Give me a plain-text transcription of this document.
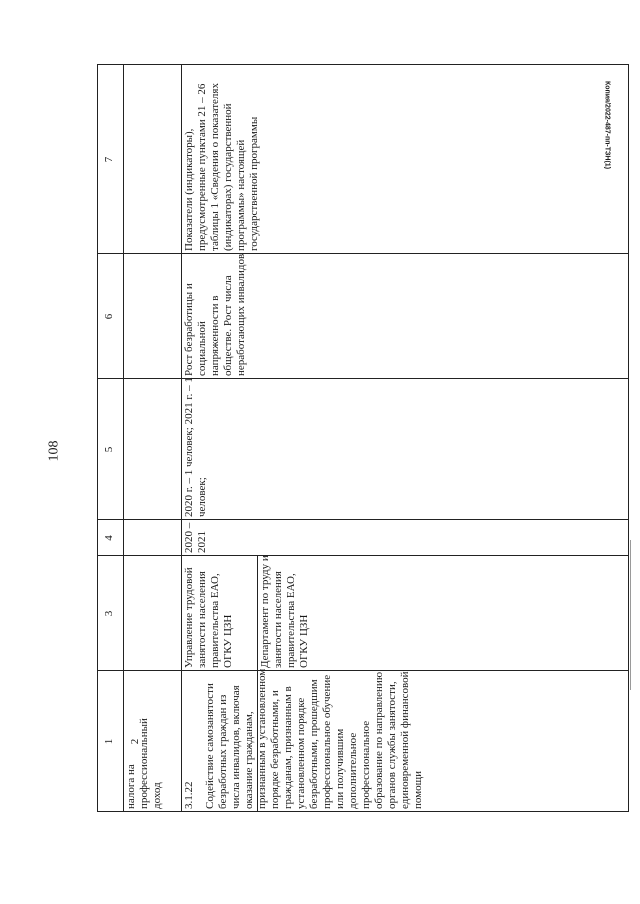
108
Копия/2022-487-пп-ТЗН(1)
1 2
3
4
5
6
7
налога на профессиональный доход	3.1.22 Содействие самозанятости безработных граждан из числа инвалидов, включая оказание гражданам, признанным в установленном порядке безработными, и гражданам, признанным в установленном порядке безработными, прошедшим профессиональное обучение или получившим дополнительное профессиональное образование по направлению органов службы занятости, единовременной финансовой помощи
Управление трудовой занятости населения правительства ЕАО, ОГКУ ЦЗН	Департамент по труду и занятости населения правительства ЕАО, ОГКУ ЦЗН
2020 – 2021
2020 г. – 1 человек; 2021 г. – 1 человек;
Рост безработицы и социальной напряженности в обществе. Рост числа неработающих инвалидов
Показатели (индикаторы), предусмотренные пунктами 21 – 26 таблицы 1 «Сведения о показателях (индикаторах) государственной программы» настоящей государственной программы
